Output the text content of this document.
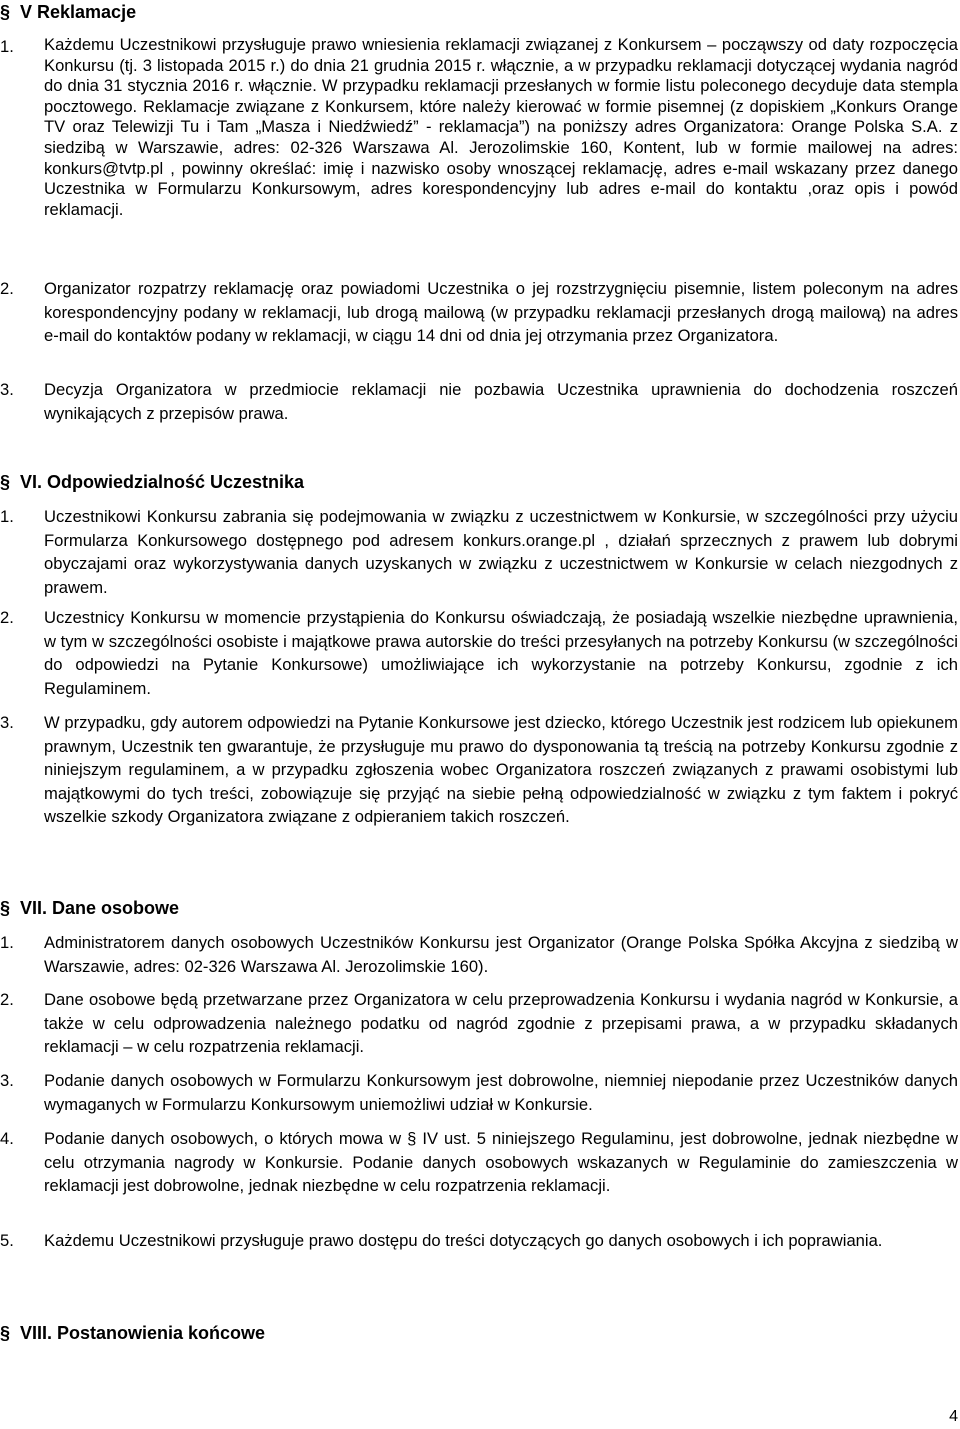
§ V Reklamacje
1. Każdemu Uczestnikowi przysługuje prawo wniesienia reklamacji związanej z Konkursem – począwszy od daty rozpoczęcia Konkursu (tj. 3 listopada 2015 r.) do dnia 21 grudnia 2015 r. włącznie, a w przypadku reklamacji dotyczącej wydania nagród do dnia 31 stycznia 2016 r. włącznie. W przypadku reklamacji przesłanych w formie listu poleconego decyduje data stempla pocztowego. Reklamacje związane z Konkursem, które należy kierować w formie pisemnej (z dopiskiem „Konkurs Orange TV oraz Telewizji Tu i Tam „Masza i Niedźwiedź” - reklamacja”) na poniższy adres Organizatora: Orange Polska S.A. z siedzibą w Warszawie, adres: 02-326 Warszawa Al. Jerozolimskie 160, Kontent, lub w formie mailowej na adres: konkurs@tvtp.pl , powinny określać: imię i nazwisko osoby wnoszącej reklamację, adres e-mail wskazany przez danego Uczestnika w Formularzu Konkursowym, adres korespondencyjny lub adres e-mail do kontaktu ,oraz opis i powód reklamacji.
2. Organizator rozpatrzy reklamację oraz powiadomi Uczestnika o jej rozstrzygnięciu pisemnie, listem poleconym na adres korespondencyjny podany w reklamacji, lub drogą mailową (w przypadku reklamacji przesłanych drogą mailową) na adres e-mail do kontaktów podany w reklamacji, w ciągu 14 dni od dnia jej otrzymania przez Organizatora.
3. Decyzja Organizatora w przedmiocie reklamacji nie pozbawia Uczestnika uprawnienia do dochodzenia roszczeń wynikających z przepisów prawa.
§ VI. Odpowiedzialność Uczestnika
1. Uczestnikowi Konkursu zabrania się podejmowania w związku z uczestnictwem w Konkursie, w szczególności przy użyciu Formularza Konkursowego dostępnego pod adresem konkurs.orange.pl , działań sprzecznych z prawem lub dobrymi obyczajami oraz wykorzystywania danych uzyskanych w związku z uczestnictwem w Konkursie w celach niezgodnych z prawem.
2. Uczestnicy Konkursu w momencie przystąpienia do Konkursu oświadczają, że posiadają wszelkie niezbędne uprawnienia, w tym w szczególności osobiste i majątkowe prawa autorskie do treści przesyłanych na potrzeby Konkursu (w szczególności do odpowiedzi na Pytanie Konkursowe) umożliwiające ich wykorzystanie na potrzeby Konkursu, zgodnie z ich Regulaminem.
3. W przypadku, gdy autorem odpowiedzi na Pytanie Konkursowe jest dziecko, którego Uczestnik jest rodzicem lub opiekunem prawnym, Uczestnik ten gwarantuje, że przysługuje mu prawo do dysponowania tą treścią na potrzeby Konkursu zgodnie z niniejszym regulaminem, a w przypadku zgłoszenia wobec Organizatora roszczeń związanych z prawami osobistymi lub majątkowymi do tych treści, zobowiązuje się przyjąć na siebie pełną odpowiedzialność w związku z tym faktem i pokryć wszelkie szkody Organizatora związane z odpieraniem takich roszczeń.
§ VII. Dane osobowe
1. Administratorem danych osobowych Uczestników Konkursu jest Organizator (Orange Polska Spółka Akcyjna z siedzibą w Warszawie, adres: 02-326 Warszawa Al. Jerozolimskie 160).
2. Dane osobowe będą przetwarzane przez Organizatora w celu przeprowadzenia Konkursu i wydania nagród w Konkursie, a także w celu odprowadzenia należnego podatku od nagród zgodnie z przepisami prawa, a w przypadku składanych reklamacji – w celu rozpatrzenia reklamacji.
3. Podanie danych osobowych w Formularzu Konkursowym jest dobrowolne, niemniej niepodanie przez Uczestników danych wymaganych w Formularzu Konkursowym uniemożliwi udział w Konkursie.
4. Podanie danych osobowych, o których mowa w § IV ust. 5 niniejszego Regulaminu, jest dobrowolne, jednak niezbędne w celu otrzymania nagrody w Konkursie. Podanie danych osobowych wskazanych w Regulaminie do zamieszczenia w reklamacji jest dobrowolne, jednak niezbędne w celu rozpatrzenia reklamacji.
5. Każdemu Uczestnikowi przysługuje prawo dostępu do treści dotyczących go danych osobowych i ich poprawiania.
§ VIII. Postanowienia końcowe
4
